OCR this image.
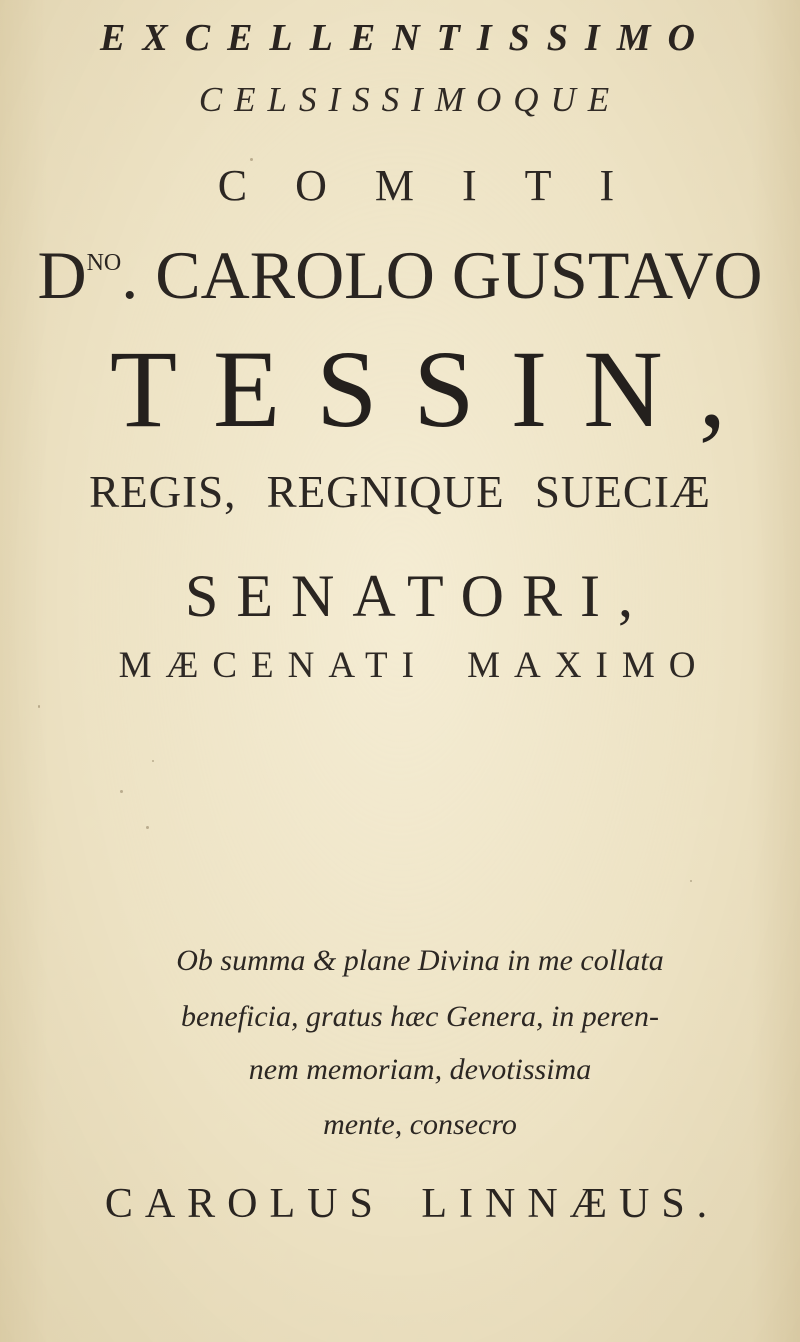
EXCELLENTISSIMO
CELSISSIMOQUE
COMITI
$D^{NO}$. CAROLO GUSTAVO
TESSIN,
REGIS, REGNIQUE SUECIÆ
SENATORI,
MÆCENATI MAXIMO
Ob summa & plane Divina in me collata
beneficia, gratus hæc Genera, in peren-
nem memoriam, devotissima
mente, consecro
CAROLUS LINNÆUS.
